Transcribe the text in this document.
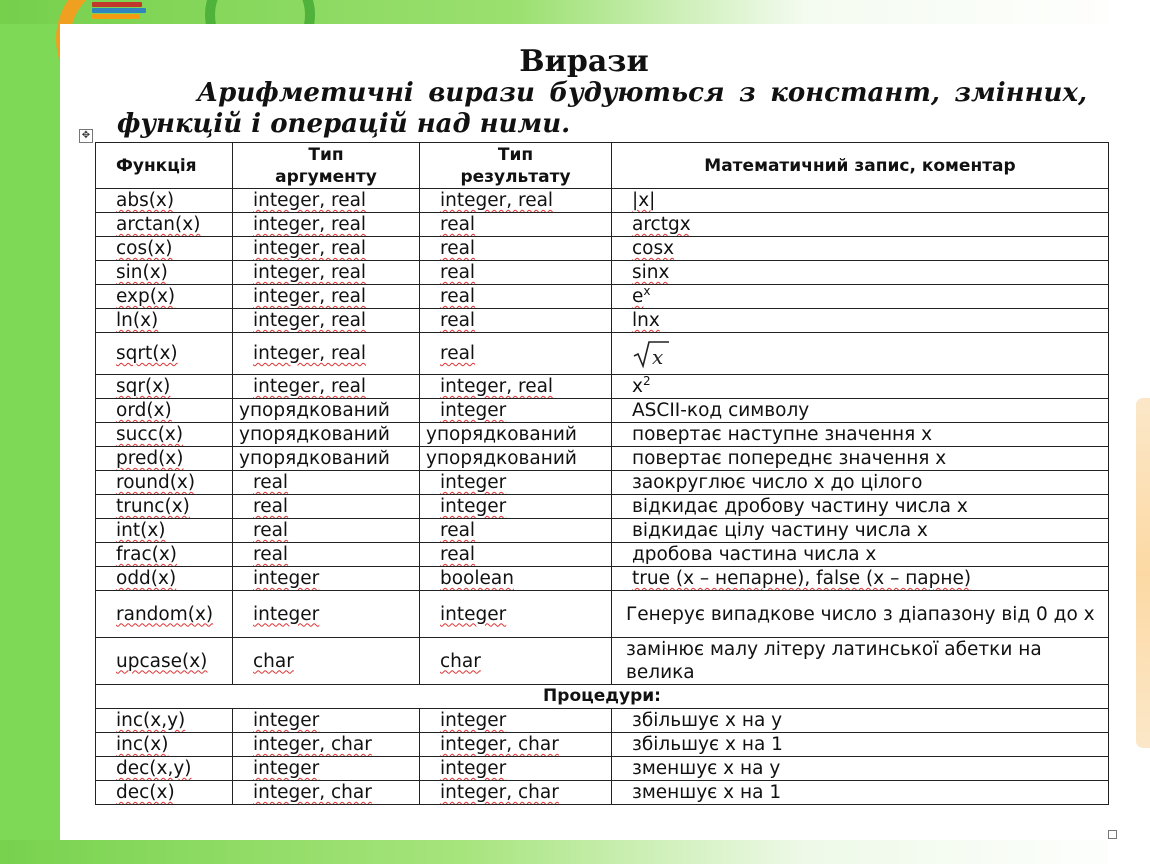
Вирази

Арифметичні вирази будуються з констант, змінних, функцій і операцій над ними.

✥
Функція	Тип аргументу	Тип результату	Математичний запис, коментар
abs(x)	integer, real	integer, real	|x|
arctan(x)	integer, real	real	arctgx
cos(x)	integer, real	real	cosx
sin(x)	integer, real	real	sinx
exp(x)	integer, real	real	$e^x$
ln(x)	integer, real	real	lnx
sqrt(x)	integer, real	real	x

sqr(x)	integer, real	integer, real	$x^2$
ord(x)	упорядкований	integer	ASCII-код символу
succ(x)	упорядкований	упорядкований	повертає наступне значення x
pred(x)	упорядкований	упорядкований	повертає попереднє значення x
round(x)	real	integer	заокруглює число x до цілого
trunc(x)	real	integer	відкидає дробову частину числа x
int(x)	real	real	відкидає цілу частину числа x
frac(x)	real	real	дробова частина числа x
odd(x)	integer	boolean	true (x – непарне), false (x – парне)
random(x)	integer	integer	Генерує випадкове число з діапазону від 0 до x
upcase(x)	char	char	замінює малу літеру латинської абетки на велика
Процедури:			
inc(x,y)	integer	integer	збільшує x на y
inc(x)	integer, char	integer, char	збільшує x на 1
dec(x,y)	integer	integer	зменшує x на y
dec(x)	integer, char	integer, char	зменшує x на 1
